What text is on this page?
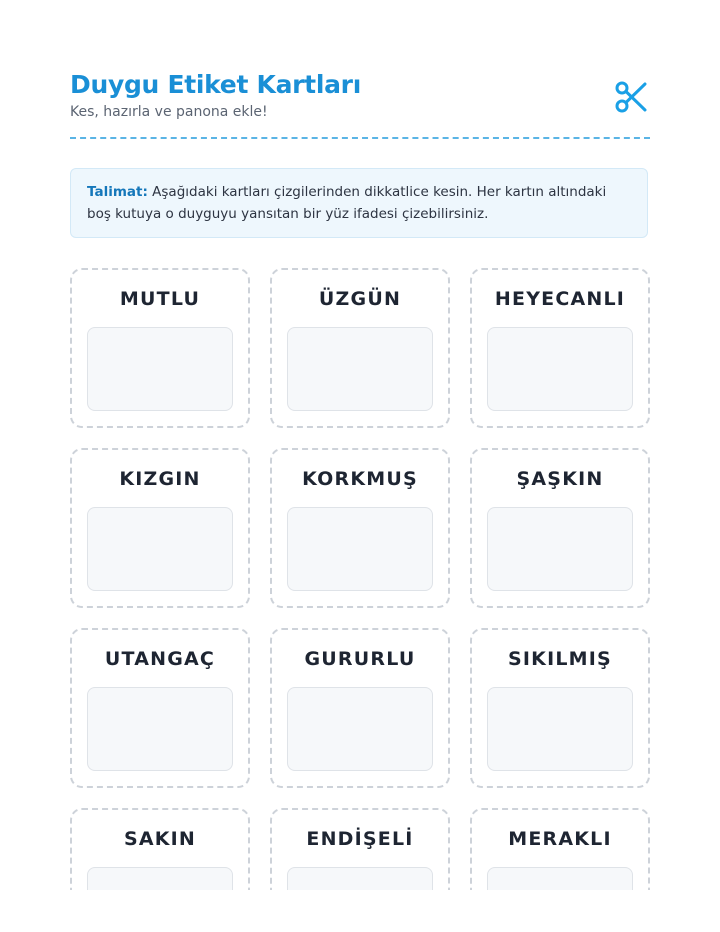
Duygu Etiket Kartları
Kes, hazırla ve panona ekle!
Talimat: Aşağıdaki kartları çizgilerinden dikkatlice kesin. Her kartın altındaki boş kutuya o duyguyu yansıtan bir yüz ifadesi çizebilirsiniz.
MUTLU	ÜZGÜN	HEYECANLI
KIZGIN	KORKMUŞ	ŞAŞKIN
UTANGAÇ	GURURLU	SIKILMIŞ
SAKIN	ENDİŞELİ	MERAKLI
